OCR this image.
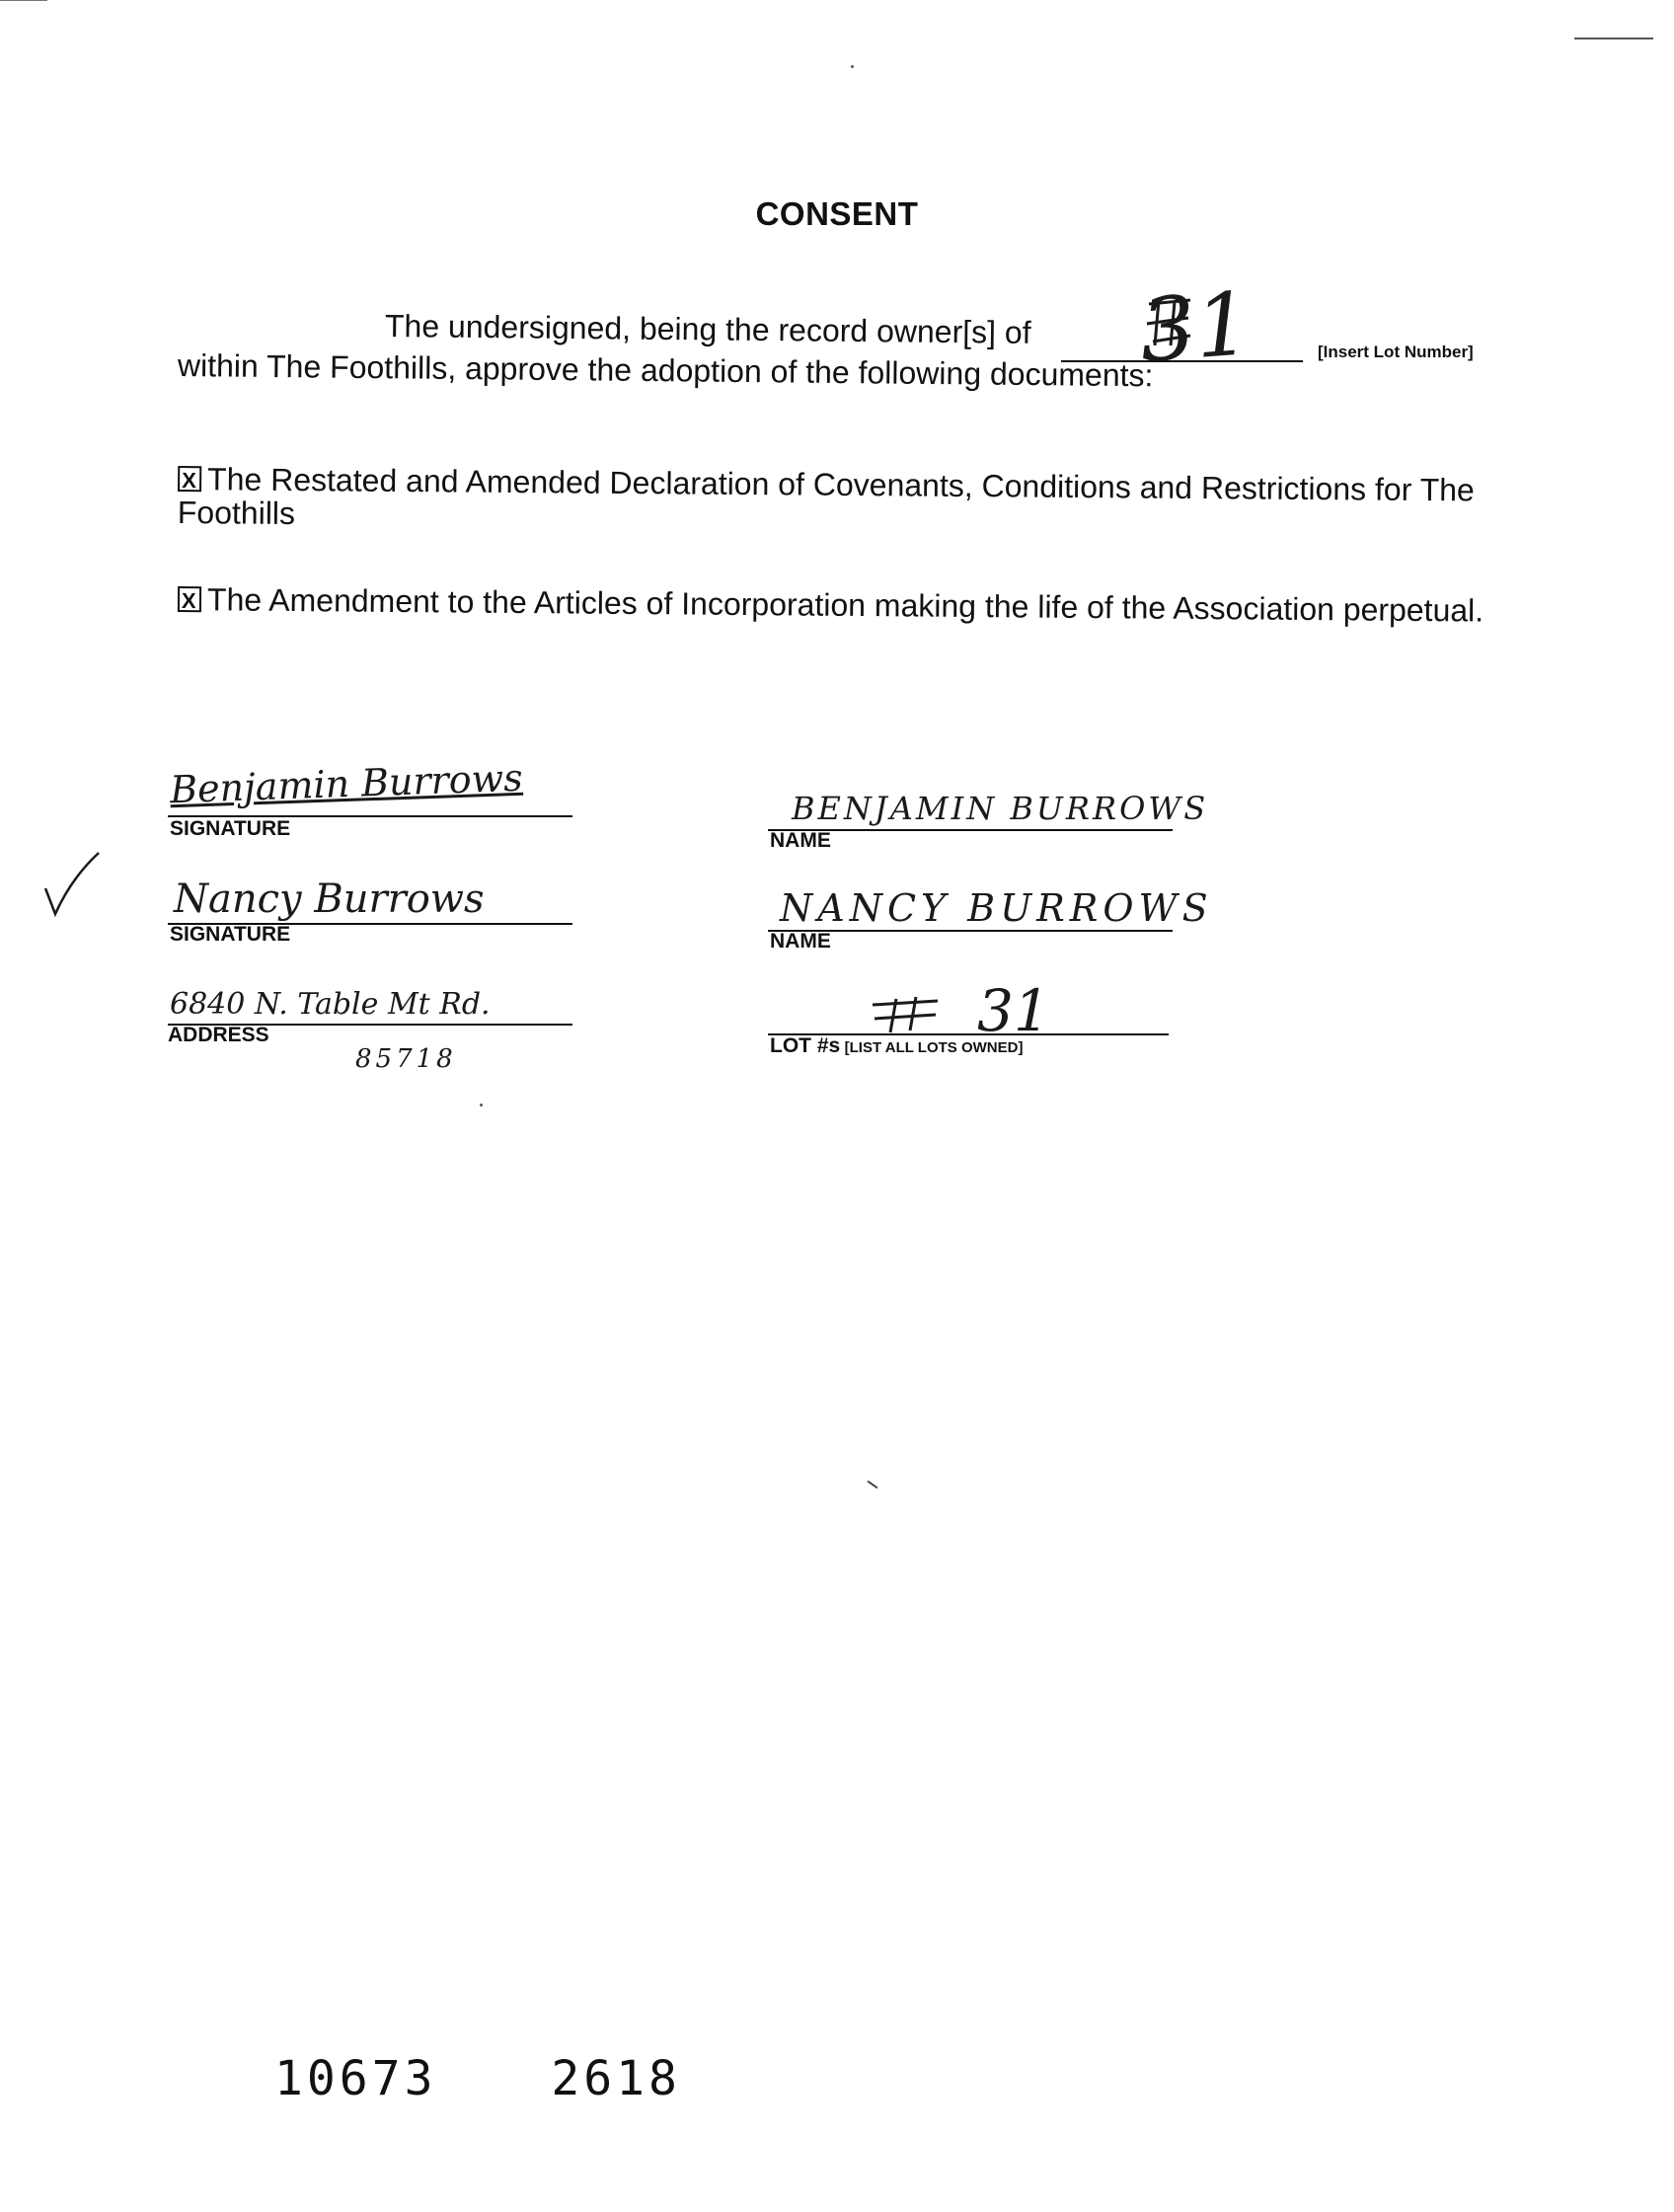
CONSENT
The undersigned, being the record owner[s] of 31	[Insert Lot Number]
within The Foothills, approve the adoption of the following documents:
XThe Restated and Amended Declaration of Covenants, Conditions and Restrictions for The Foothills
XThe Amendment to the Articles of Incorporation making the life of the Association perpetual.
Benjamin Burrows
SIGNATURE
BENJAMIN BURROWS
NAME
Nancy Burrows
SIGNATURE
NANCY BURROWS
NAME
6840 N. Table Mt Rd.
ADDRESS
85718
31
LOT #s [LIST ALL LOTS OWNED]
10673 2618
